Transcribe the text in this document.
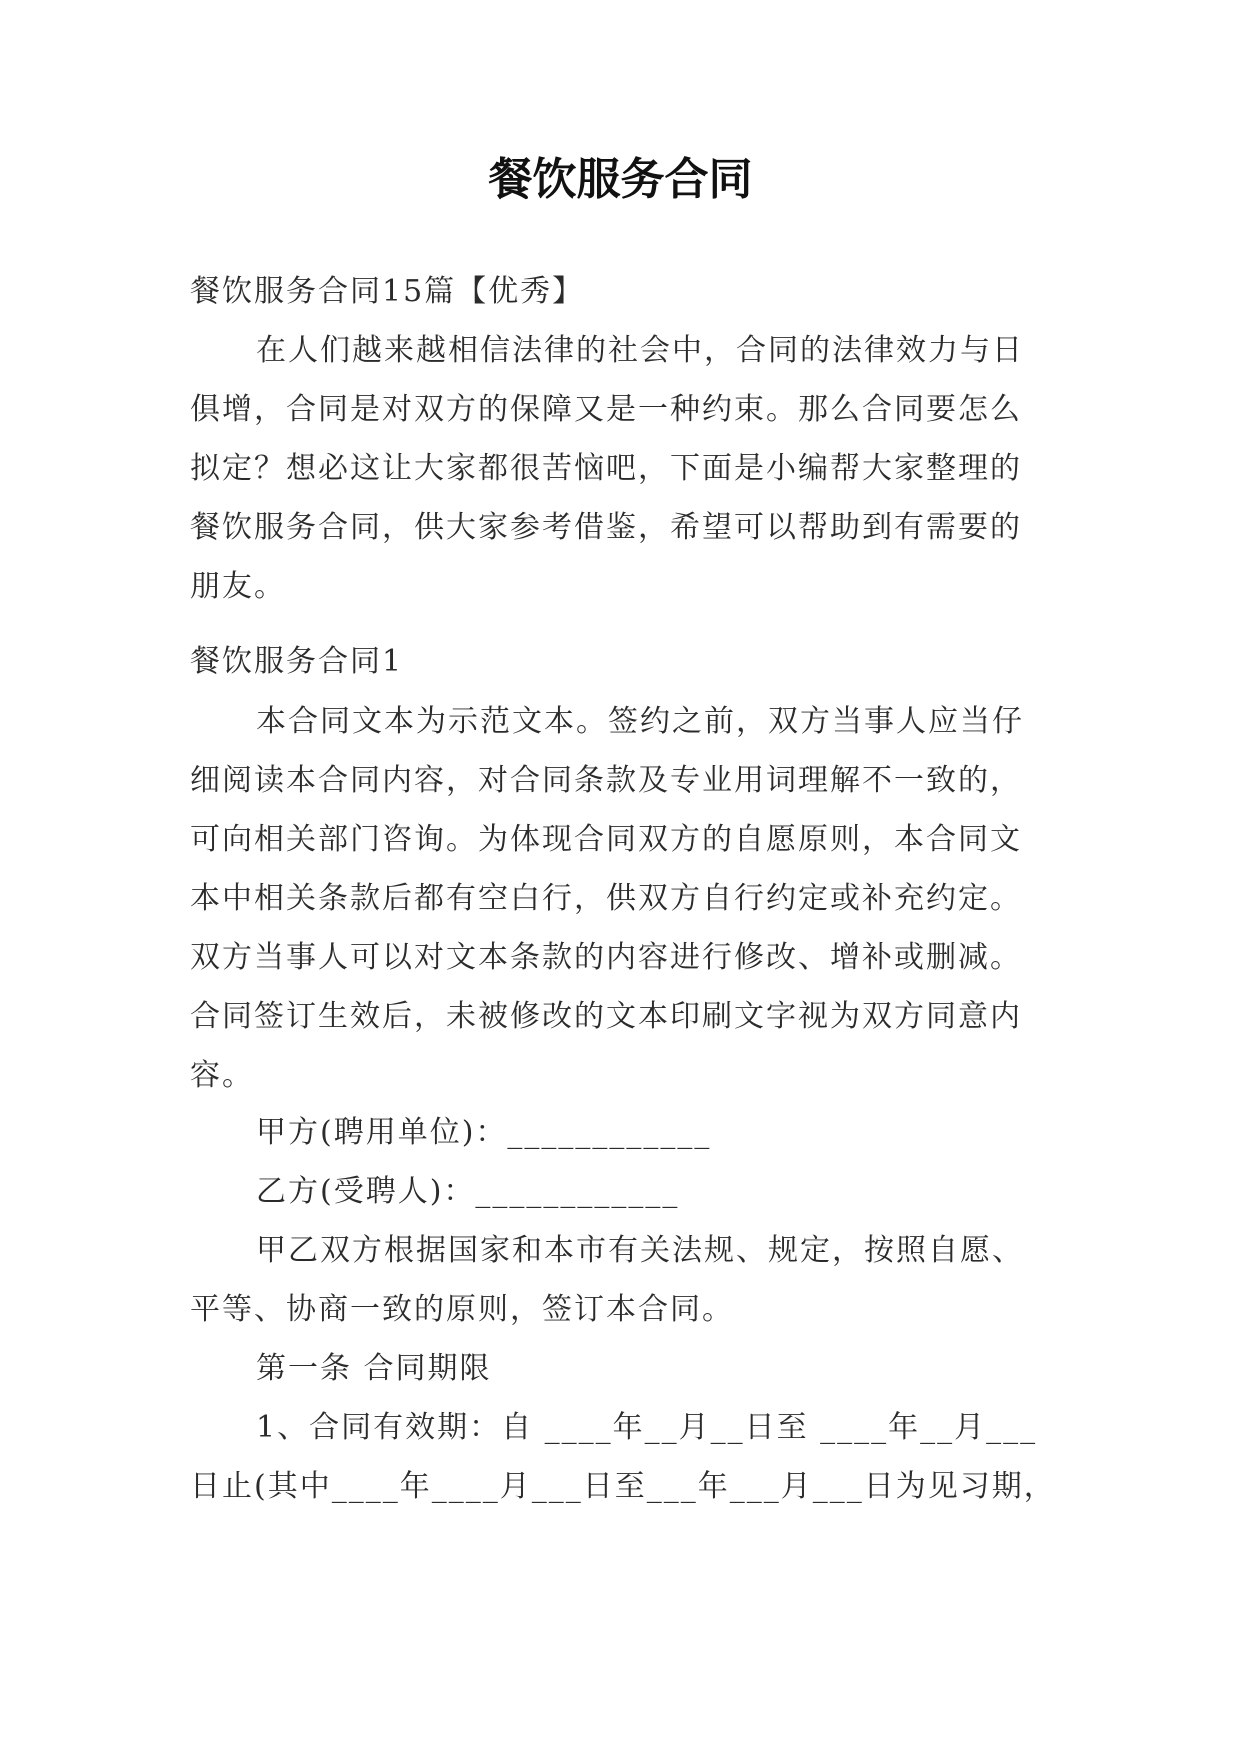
餐饮服务合同
餐饮服务合同15篇【优秀】
在人们越来越相信法律的社会中，合同的法律效力与日
俱增，合同是对双方的保障又是一种约束。那么合同要怎么
拟定？想必这让大家都很苦恼吧，下面是小编帮大家整理的
餐饮服务合同，供大家参考借鉴，希望可以帮助到有需要的
朋友。
餐饮服务合同1
本合同文本为示范文本。签约之前，双方当事人应当仔
细阅读本合同内容，对合同条款及专业用词理解不一致的，
可向相关部门咨询。为体现合同双方的自愿原则，本合同文
本中相关条款后都有空白行，供双方自行约定或补充约定。
双方当事人可以对文本条款的内容进行修改、增补或删减。
合同签订生效后，未被修改的文本印刷文字视为双方同意内
容。
甲方(聘用单位)：____________
乙方(受聘人)：____________
甲乙双方根据国家和本市有关法规、规定，按照自愿、
平等、协商一致的原则，签订本合同。
第一条 合同期限
1、合同有效期：自 ____年__月__日至 ____年__月___
日止(其中____年____月___日至___年___月___日为见习期，
